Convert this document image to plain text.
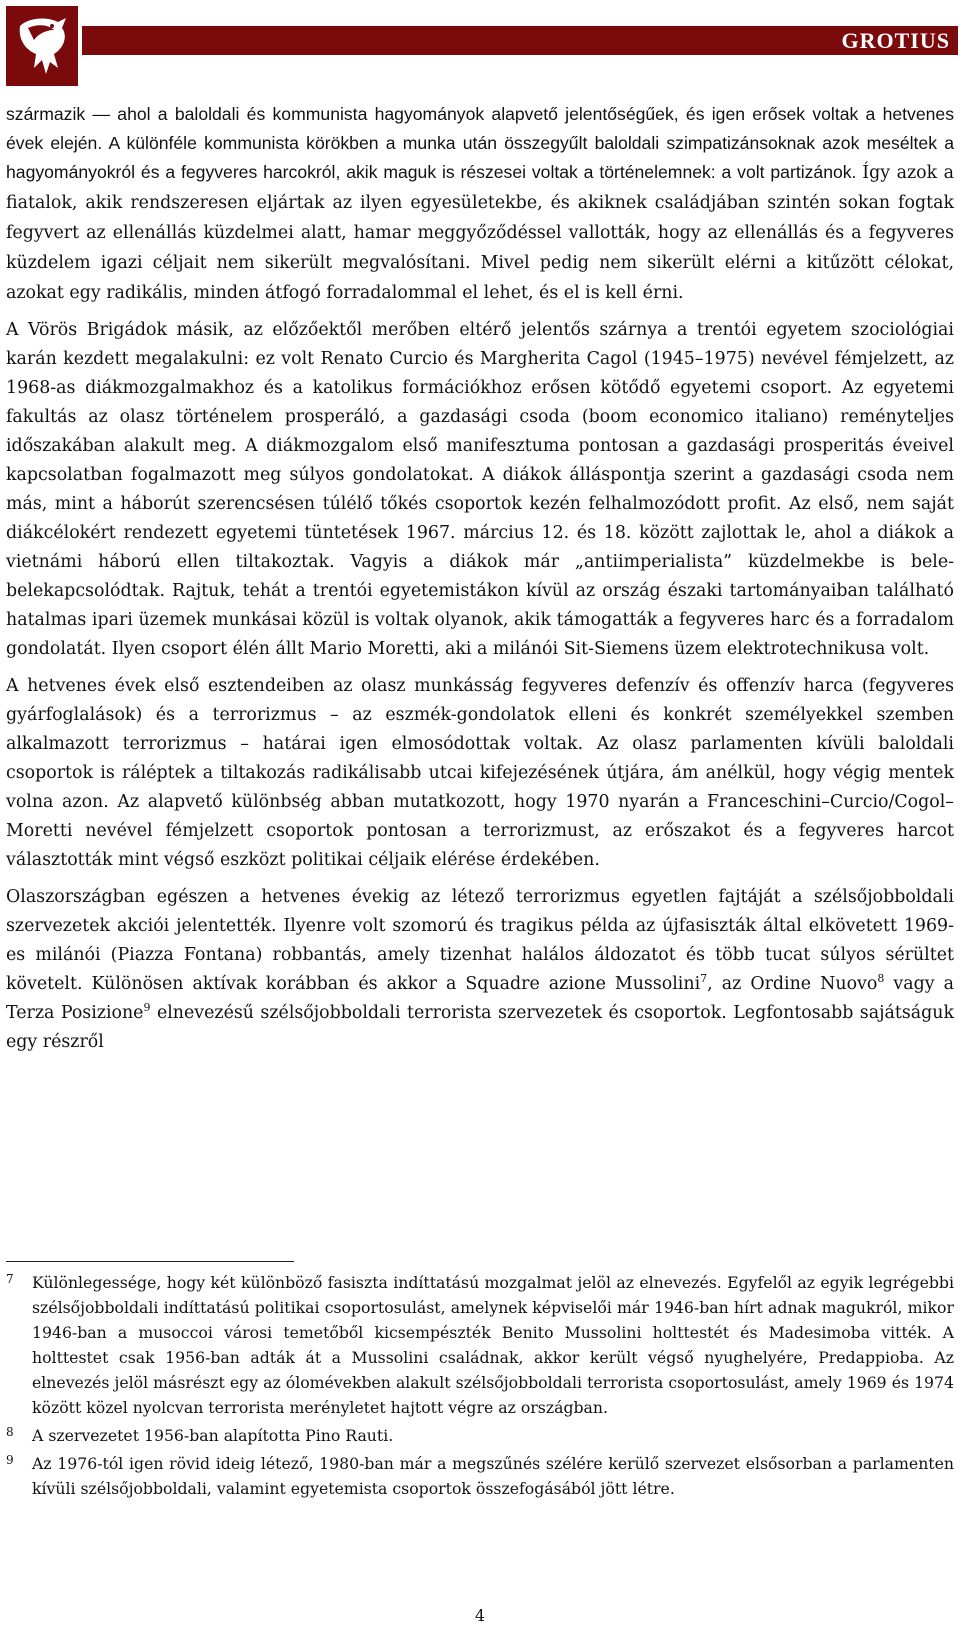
GROTIUS

származik — ahol a baloldali és kommunista hagyományok alapvető jelentőségűek, és igen erősek voltak a hetvenes évek elején. A különféle kommunista körökben a munka után összegyűlt baloldali szimpatizánsoknak azok meséltek a hagyományokról és a fegyveres harcokról, akik maguk is részesei voltak a történelemnek: a volt partizánok. Így azok a fiatalok, akik rendszeresen eljártak az ilyen egyesületekbe, és akiknek családjában szintén sokan fogtak fegyvert az ellenállás küzdelmei alatt, hamar meggyőződéssel vallották, hogy az ellenállás és a fegyveres küzdelem igazi céljait nem sikerült megvalósítani. Mivel pedig nem sikerült elérni a kitűzött célokat, azokat egy radikális, minden átfogó forradalommal el lehet, és el is kell érni.

A Vörös Brigádok másik, az előzőektől merőben eltérő jelentős szárnya a trentói egyetem szociológiai karán kezdett megalakulni: ez volt Renato Curcio és Margherita Cagol (1945–1975) nevével fémjelzett, az 1968-as diákmozgalmakhoz és a katolikus formációkhoz erősen kötődő egyetemi csoport. Az egyetemi fakultás az olasz történelem prosperáló, a gazdasági csoda (boom economico italiano) reményteljes időszakában alakult meg. A diákmozgalom első manifesztuma pontosan a gazdasági prosperitás éveivel kapcsolatban fogalmazott meg súlyos gondolatokat. A diákok álláspontja szerint a gazdasági csoda nem más, mint a háborút szerencsésen túlélő tőkés csoportok kezén felhalmozódott profit. Az első, nem saját diákcélokért rendezett egyetemi tüntetések 1967. március 12. és 18. között zajlottak le, ahol a diákok a vietnámi háború ellen tiltakoztak. Vagyis a diákok már „antiimperialista” küzdelmekbe is bele-belekapcsolódtak. Rajtuk, tehát a trentói egyetemistákon kívül az ország északi tartományaiban található hatalmas ipari üzemek munkásai közül is voltak olyanok, akik támogatták a fegyveres harc és a forradalom gondolatát. Ilyen csoport élén állt Mario Moretti, aki a milánói Sit-Siemens üzem elektrotechnikusa volt.

A hetvenes évek első esztendeiben az olasz munkásság fegyveres defenzív és offenzív harca (fegyveres gyárfoglalások) és a terrorizmus – az eszmék-gondolatok elleni és konkrét személyekkel szemben alkalmazott terrorizmus – határai igen elmosódottak voltak. Az olasz parlamenten kívüli baloldali csoportok is ráléptek a tiltakozás radikálisabb utcai kifejezésének útjára, ám anélkül, hogy végig mentek volna azon. Az alapvető különbség abban mutatkozott, hogy 1970 nyarán a Franceschini–Curcio/Cogol–Moretti nevével fémjelzett csoportok pontosan a terrorizmust, az erőszakot és a fegyveres harcot választották mint végső eszközt politikai céljaik elérése érdekében.

Olaszországban egészen a hetvenes évekig az létező terrorizmus egyetlen fajtáját a szélsőjobboldali szervezetek akciói jelentették. Ilyenre volt szomorú és tragikus példa az újfasiszták által elkövetett 1969-es milánói (Piazza Fontana) robbantás, amely tizenhat halálos áldozatot és több tucat súlyos sérültet követelt. Különösen aktívak korábban és akkor a Squadre azione Mussolini$^7$, az Ordine Nuovo$^8$ vagy a Terza Posizione$^9$ elnevezésű szélsőjobboldali terrorista szervezetek és csoportok. Legfontosabb sajátságuk egy részről

7	Különlegessége, hogy két különböző fasiszta indíttatású mozgalmat jelöl az elnevezés. Egyfelől az egyik legrégebbi szélsőjobboldali indíttatású politikai csoportosulást, amelynek képviselői már 1946-ban hírt adnak magukról, mikor 1946-ban a musoccoi városi temetőből kicsempészték Benito Mussolini holttestét és Madesimoba vitték. A holttestet csak 1956-ban adták át a Mussolini családnak, akkor került végső nyughelyére, Predappioba. Az elnevezés jelöl másrészt egy az ólomévekben alakult szélsőjobboldali terrorista csoportosulást, amely 1969 és 1974 között közel nyolcvan terrorista merényletet hajtott végre az országban.
8	A szervezetet 1956-ban alapította Pino Rauti.
9	Az 1976-tól igen rövid ideig létező, 1980-ban már a megszűnés szélére kerülő szervezet elsősorban a parlamenten kívüli szélsőjobboldali, valamint egyetemista csoportok összefogásából jött létre.
4
